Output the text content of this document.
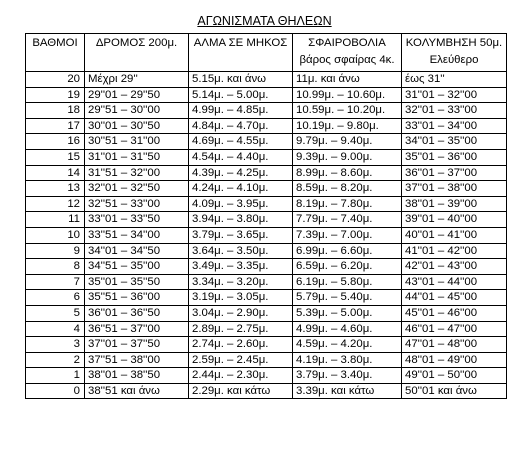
ΑΓΩΝΙΣΜΑΤΑ ΘΗΛΕΩΝ
ΒΑΘΜΟΙ	ΔΡΟΜΟΣ 200μ.	ΑΛΜΑ ΣΕ ΜΗΚΟΣ	ΣΦΑΙΡΟΒΟΛΙΑ βάρος σφαίρας 4κ.	ΚΟΛΥΜΒΗΣΗ 50μ. Ελεύθερο
20	Μέχρι 29''	5.15μ. και άνω	11μ. και άνω	έως 31''
19	29''01 – 29''50	5.14μ. – 5.00μ.	10.99μ. – 10.60μ.	31''01 – 32''00
18	29''51 – 30''00	4.99μ. – 4.85μ.	10.59μ. – 10.20μ.	32''01 – 33''00
17	30''01 – 30''50	4.84μ. – 4.70μ.	10.19μ. – 9.80μ.	33''01 – 34''00
16	30''51 – 31''00	4.69μ. – 4.55μ.	9.79μ. – 9.40μ.	34''01 – 35''00
15	31''01 – 31''50	4.54μ. – 4.40μ.	9.39μ. – 9.00μ.	35''01 – 36''00
14	31''51 – 32''00	4.39μ. – 4.25μ.	8.99μ. – 8.60μ.	36''01 – 37''00
13	32''01 – 32''50	4.24μ. – 4.10μ.	8.59μ. – 8.20μ.	37''01 – 38''00
12	32''51 – 33''00	4.09μ. – 3.95μ.	8.19μ. – 7.80μ.	38''01 – 39''00
11	33''01 – 33''50	3.94μ. – 3.80μ.	7.79μ. – 7.40μ.	39''01 – 40''00
10	33''51 – 34''00	3.79μ. – 3.65μ.	7.39μ. – 7.00μ.	40''01 – 41''00
9	34''01 – 34''50	3.64μ. – 3.50μ.	6.99μ. – 6.60μ.	41''01 – 42''00
8	34''51 – 35''00	3.49μ. – 3.35μ.	6.59μ. – 6.20μ.	42''01 – 43''00
7	35''01 – 35''50	3.34μ. – 3.20μ.	6.19μ. – 5.80μ.	43''01 – 44''00
6	35''51 – 36''00	3.19μ. – 3.05μ.	5.79μ. – 5.40μ.	44''01 – 45''00
5	36''01 – 36''50	3.04μ. – 2.90μ.	5.39μ. – 5.00μ.	45''01 – 46''00
4	36''51 – 37''00	2.89μ. – 2.75μ.	4.99μ. – 4.60μ.	46''01 – 47''00
3	37''01 – 37''50	2.74μ. – 2.60μ.	4.59μ. – 4.20μ.	47''01 – 48''00
2	37''51 – 38''00	2.59μ. – 2.45μ.	4.19μ. – 3.80μ.	48''01 – 49''00
1	38''01 – 38''50	2.44μ. – 2.30μ.	3.79μ. – 3.40μ.	49''01 – 50''00
0	38''51 και άνω	2.29μ. και κάτω	3.39μ. και κάτω	50''01 και άνω
